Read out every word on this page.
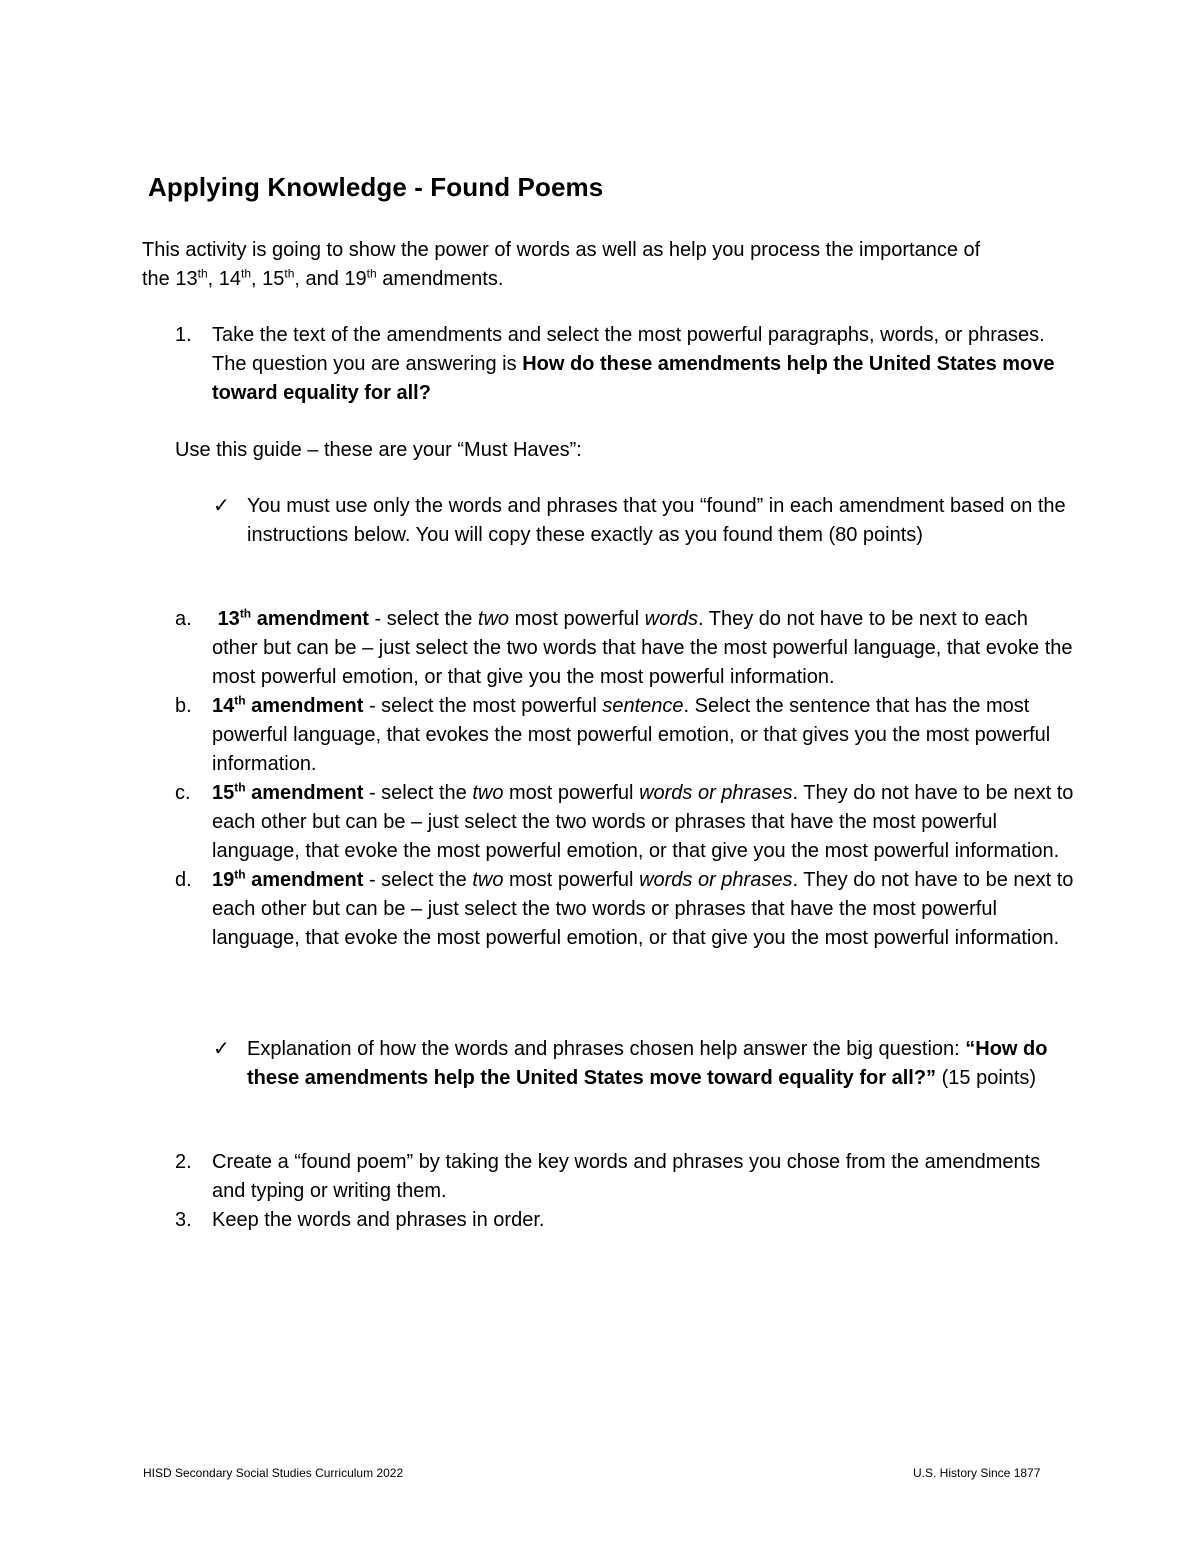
Applying Knowledge - Found Poems
This activity is going to show the power of words as well as help you process the importance of
the 13th, 14th, 15th, and 19th amendments.
1.	Take the text of the amendments and select the most powerful paragraphs, words, or phrases. The question you are answering is How do these amendments help the United States move toward equality for all?
Use this guide – these are your “Must Haves”:
✓ You must use only the words and phrases that you “found” in each amendment based on the instructions below. You will copy these exactly as you found them (80 points)
a.	13th amendment - select the two most powerful words. They do not have to be next to each other but can be – just select the two words that have the most powerful language, that evoke the most powerful emotion, or that give you the most powerful information.
b.	14th amendment - select the most powerful sentence. Select the sentence that has the most powerful language, that evokes the most powerful emotion, or that gives you the most powerful information.
c.	15th amendment - select the two most powerful words or phrases. They do not have to be next to each other but can be – just select the two words or phrases that have the most powerful language, that evoke the most powerful emotion, or that give you the most powerful information.
d.	19th amendment - select the two most powerful words or phrases. They do not have to be next to each other but can be – just select the two words or phrases that have the most powerful language, that evoke the most powerful emotion, or that give you the most powerful information.
✓ Explanation of how the words and phrases chosen help answer the big question: “How do these amendments help the United States move toward equality for all?” (15 points)
2.	Create a “found poem” by taking the key words and phrases you chose from the amendments and typing or writing them.
3.	Keep the words and phrases in order.
HISD Secondary Social Studies Curriculum 2022	U.S. History Since 1877
